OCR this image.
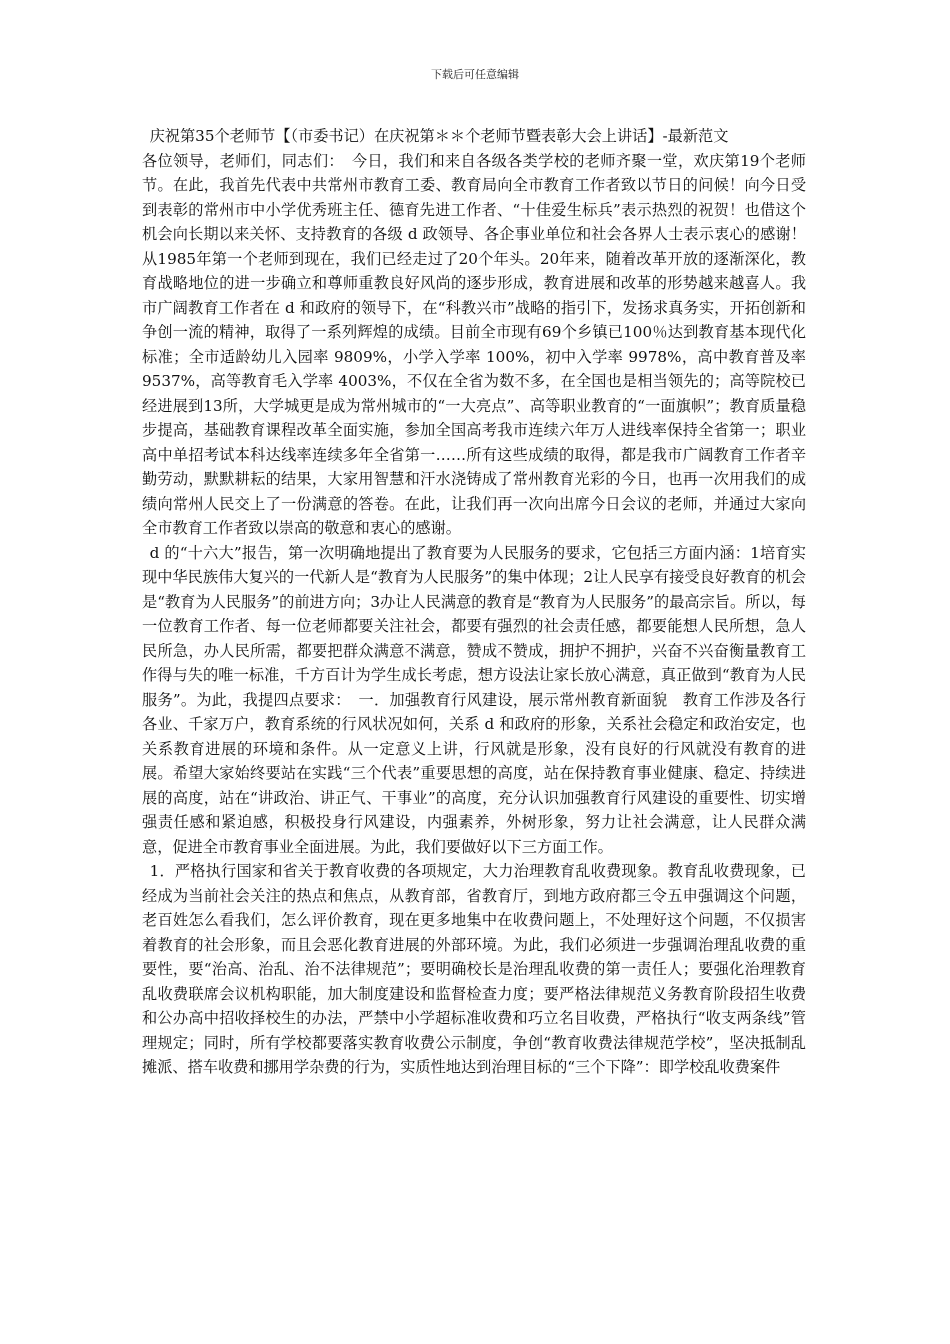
下载后可任意编辑

庆祝第35个老师节【（市委书记）在庆祝第＊＊个老师节暨表彰大会上讲话】-最新范文

各位领导，老师们，同志们：　今日，我们和来自各级各类学校的老师齐聚一堂，欢庆第19个老师节。在此，我首先代表中共常州市教育工委、教育局向全市教育工作者致以节日的问候！向今日受到表彰的常州市中小学优秀班主任、德育先进工作者、“十佳爱生标兵”表示热烈的祝贺！也借这个机会向长期以来关怀、支持教育的各级 d 政领导、各企事业单位和社会各界人士表示衷心的感谢！　从1985年第一个老师到现在，我们已经走过了20个年头。20年来，随着改革开放的逐渐深化，教育战略地位的进一步确立和尊师重教良好风尚的逐步形成，教育进展和改革的形势越来越喜人。我市广阔教育工作者在 d 和政府的领导下，在“科教兴市”战略的指引下，发扬求真务实，开拓创新和争创一流的精神，取得了一系列辉煌的成绩。目前全市现有69个乡镇已100％达到教育基本现代化标准；全市适龄幼儿入园率 9809%，小学入学率 100%，初中入学率 9978%，高中教育普及率 9537%，高等教育毛入学率 4003%，不仅在全省为数不多，在全国也是相当领先的；高等院校已经进展到13所，大学城更是成为常州城市的“一大亮点”、高等职业教育的“一面旗帜”；教育质量稳步提高，基础教育课程改革全面实施，参加全国高考我市连续六年万人进线率保持全省第一；职业高中单招考试本科达线率连续多年全省第一……所有这些成绩的取得，都是我市广阔教育工作者辛勤劳动，默默耕耘的结果，大家用智慧和汗水浇铸成了常州教育光彩的今日，也再一次用我们的成绩向常州人民交上了一份满意的答卷。在此，让我们再一次向出席今日会议的老师，并通过大家向全市教育工作者致以崇高的敬意和衷心的感谢。

d 的“十六大”报告，第一次明确地提出了教育要为人民服务的要求，它包括三方面内涵：1培育实现中华民族伟大复兴的一代新人是“教育为人民服务”的集中体现；2让人民享有接受良好教育的机会是“教育为人民服务”的前进方向；3办让人民满意的教育是“教育为人民服务”的最高宗旨。所以，每一位教育工作者、每一位老师都要关注社会，都要有强烈的社会责任感，都要能想人民所想，急人民所急，办人民所需，都要把群众满意不满意，赞成不赞成，拥护不拥护，兴奋不兴奋衡量教育工作得与失的唯一标准，千方百计为学生成长考虑，想方设法让家长放心满意，真正做到“教育为人民服务”。为此，我提四点要求：　一．加强教育行风建设，展示常州教育新面貌　教育工作涉及各行各业、千家万户，教育系统的行风状况如何，关系 d 和政府的形象，关系社会稳定和政治安定，也关系教育进展的环境和条件。从一定意义上讲，行风就是形象，没有良好的行风就没有教育的进展。希望大家始终要站在实践“三个代表”重要思想的高度，站在保持教育事业健康、稳定、持续进展的高度，站在“讲政治、讲正气、干事业”的高度，充分认识加强教育行风建设的重要性、切实增强责任感和紧迫感，积极投身行风建设，内强素养，外树形象，努力让社会满意，让人民群众满意，促进全市教育事业全面进展。为此，我们要做好以下三方面工作。

1．严格执行国家和省关于教育收费的各项规定，大力治理教育乱收费现象。教育乱收费现象，已经成为当前社会关注的热点和焦点，从教育部，省教育厅，到地方政府都三令五申强调这个问题，老百姓怎么看我们，怎么评价教育，现在更多地集中在收费问题上，不处理好这个问题，不仅损害着教育的社会形象，而且会恶化教育进展的外部环境。为此，我们必须进一步强调治理乱收费的重要性，要“治高、治乱、治不法律规范”；要明确校长是治理乱收费的第一责任人；要强化治理教育乱收费联席会议机构职能，加大制度建设和监督检查力度；要严格法律规范义务教育阶段招生收费和公办高中招收择校生的办法，严禁中小学超标准收费和巧立名目收费，严格执行“收支两条线”管理规定；同时，所有学校都要落实教育收费公示制度，争创“教育收费法律规范学校”，坚决抵制乱摊派、搭车收费和挪用学杂费的行为，实质性地达到治理目标的“三个下降”：即学校乱收费案件
